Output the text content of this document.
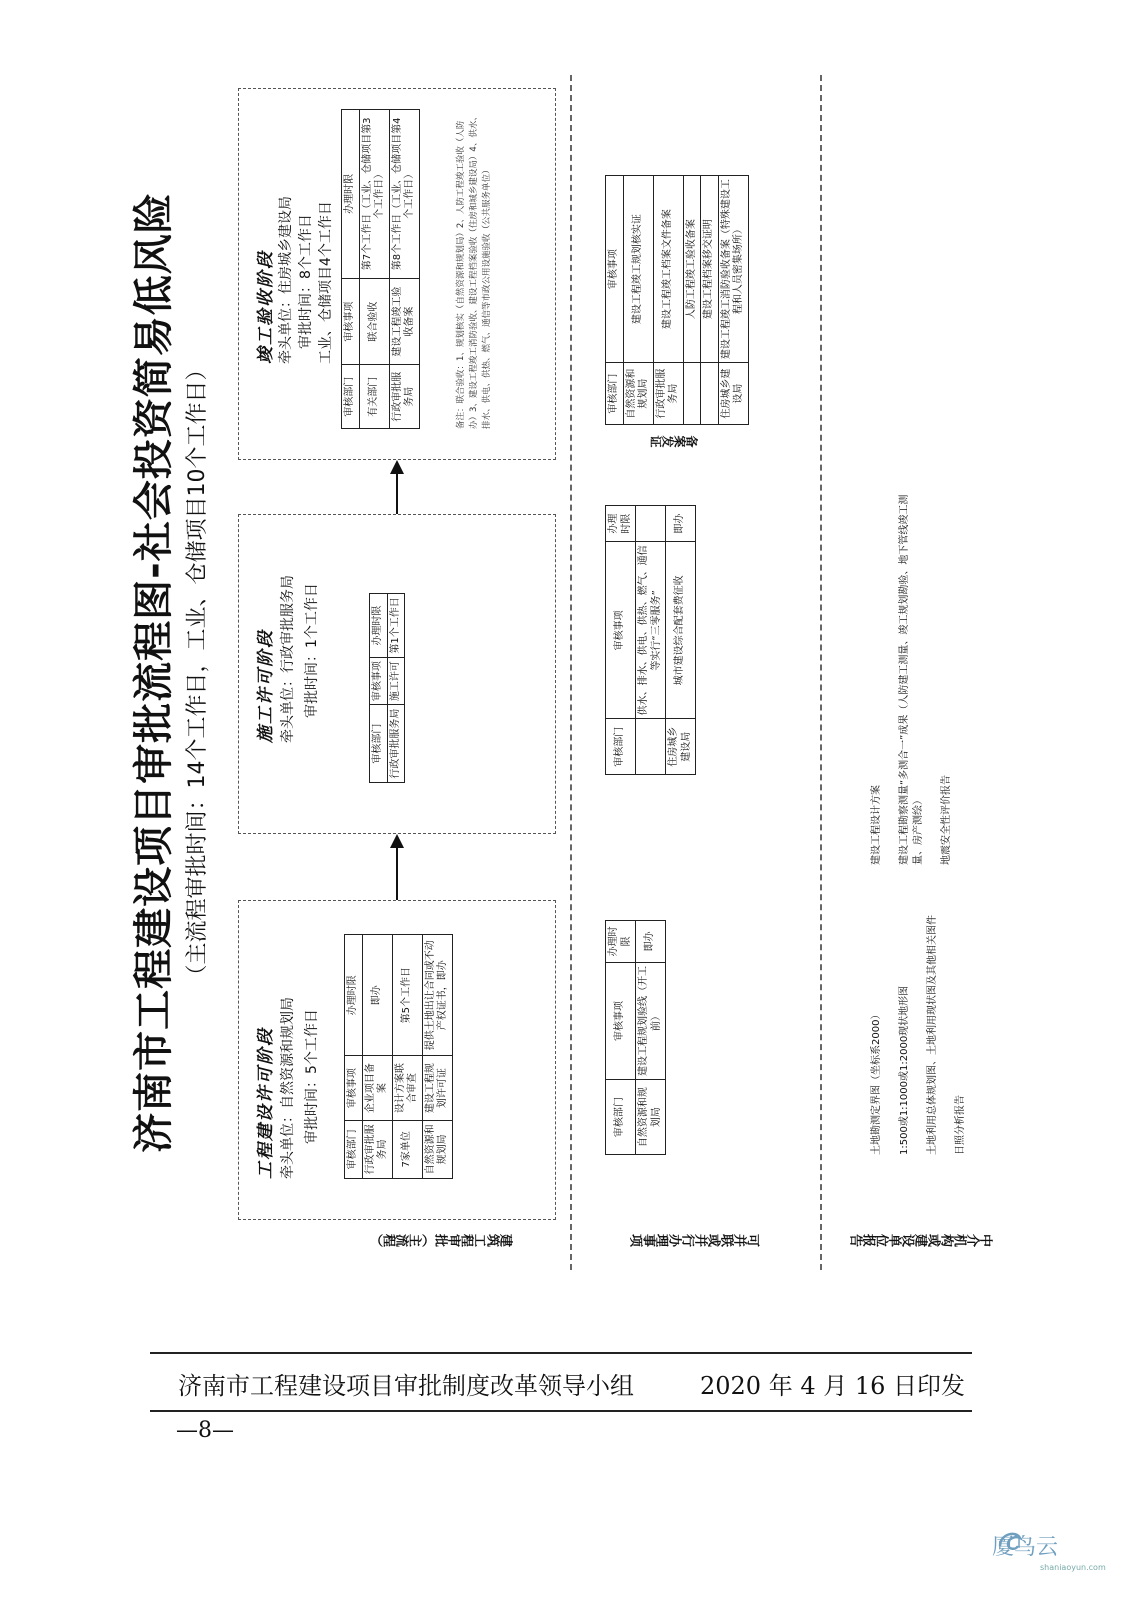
济南市工程建设项目审批流程图-社会投资简易低风险 （主流程审批时间：14个工作日，工业、仓储项目10个工作日）
建筑工程审批（主流程）	可并联或并行办理事项	中介机构或建设单位报告
工程建设许可阶段 牵头单位：自然资源和规划局 审批时间：5个工作日
审核部门	审核事项	办理时限
行政审批服务局	企业项目备案	即办
7家单位	设计方案联合审查	第5个工作日
自然资源和规划局	建设工程规划许可证	提供土地出让合同或不动产权证书，即办
施工许可阶段 牵头单位：行政审批服务局 审批时间：1个工作日
审核部门	审核事项	办理时限
行政审批服务局	施工许可	第1个工作日
竣工验收阶段 牵头单位：住房城乡建设局 审批时间：8个工作日 工业、仓储项目4个工作日
审核部门	审核事项	办理时限
有关部门	联合验收	第7个工作日（工业、仓储项目第3个工作日）
行政审批服务局	建设工程竣工验收备案	第8个工作日（工业、仓储项目第4个工作日）	备注：联合验收：1、规划核实（自然资源和规划局）2、人防工程竣工验收（人防办）3、建设工程竣工消防验收、建设工程档案验收（住房和城乡建设局）4、供水、排水、供电、供热、燃气、通信等市政公用设施验收（公共服务单位）
审核部门	审核事项	办理时限
自然资源和规划局	建设工程规划验线（开工前）	即办
审核部门	审核事项	办理时限
	供水、排水、供电、供热、燃气、通信等实行“三零服务”	
住房城乡建设局	城市建设综合配套费征收	即办
备案发证
审核部门	审核事项
自然资源和规划局	建设工程竣工规划核实证
行政审批服务局	建设工程竣工档案文件备案
	人防工程竣工验收备案
	建设工程档案移交证明
住房城乡建设局	建设工程竣工消防验收备案（特殊建设工程和人员密集场所）
土地勘测定界图（坐标系2000） 1:500或1:1000或1:2000现状地形图 土地利用总体规划图、土地利用现状图及其他相关图件 日照分析报告
建设工程设计方案 建设工程勘察测量“多测合一”成果（人防建工测量、竣工规划勘验、地下管线竣工测量、房产测绘） 地震安全性评价报告
济南市工程建设项目审批制度改革领导小组	2020 年 4 月 16 日印发
—8—
厦鸟云
shaniaoyun.com
